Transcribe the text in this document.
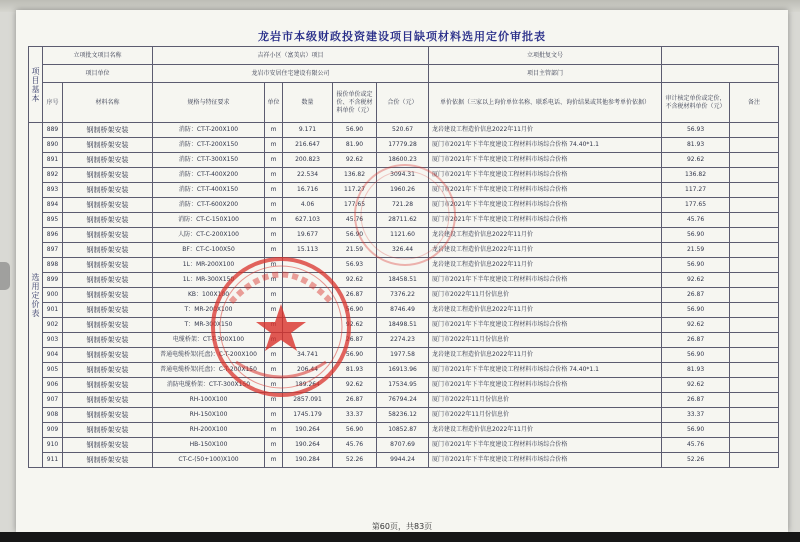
龙岩市本级财政投资建设项目缺项材料选用定价审批表
项目基本	立项批文项目名称		吉祥小区（富美店）项目					立项批复文号		
	项目单位		龙岩市安居住宅建设有限公司					项目主管部门		
	序号	材料名称	规格与特征要求	单位	数量	报价单价或定价、不含税材料单价（元）	合价（元）	单价依据（三家以上询价单位名称、联系电话、询价结果或其他参考单价依据）	审计核定单价或定价，不含税材料单价（元）	备注
选用定价表	889	钢制桥架安装	消防：CT-T-200X100	m	9.171	56.90	520.67	龙岩建设工程造价信息2022年11月价	56.93	
	890	钢制桥架安装	消防：CT-T-200X150	m	216.647	81.90	17779.28	厦门市2021年下半年度建设工程材料市场综合价格 74.40*1.1	81.93	
	891	钢制桥架安装	消防：CT-T-300X150	m	200.823	92.62	18600.23	厦门市2021年下半年度建设工程材料市场综合价格	92.62	
	892	钢制桥架安装	消防：CT-T-400X200	m	22.534	136.82	3094.31	厦门市2021年下半年度建设工程材料市场综合价格	136.82	
	893	钢制桥架安装	消防：CT-T-400X150	m	16.716	117.27	1960.26	厦门市2021年下半年度建设工程材料市场综合价格	117.27	
	894	钢制桥架安装	消防：CT-T-600X200	m	4.06	177.65	721.28	厦门市2021年下半年度建设工程材料市场综合价格	177.65	
	895	钢制桥架安装	消防：CT-C-150X100	m	627.103	45.76	28711.62	厦门市2021年下半年度建设工程材料市场综合价格	45.76	
	896	钢制桥架安装	人防：CT-C-200X100	m	19.677	56.90	1121.60	龙岩建设工程造价信息2022年11月价	56.90	
	897	钢制桥架安装	BF：CT-C-100X50	m	15.113	21.59	326.44	龙岩建设工程造价信息2022年11月价	21.59	
	898	钢制桥架安装	1L：MR-200X100	m		56.93		龙岩建设工程造价信息2022年11月价	56.90	
	899	钢制桥架安装	1L：MR-300X150	m		92.62	18458.51	厦门市2021年下半年度建设工程材料市场综合价格	92.62	
	900	钢制桥架安装	KB：100X100	m		26.87	7376.22	厦门市2022年11月份信息价	26.87	
	901	钢制桥架安装	T：MR-200X100	m		56.90	8746.49	龙岩建设工程造价信息2022年11月价	56.90	
	902	钢制桥架安装	T：MR-300X150			92.62	18498.51	厦门市2021年下半年度建设工程材料市场综合价格	92.62	
	903	钢制桥架安装	电缆桥架：CT-T-300X100			26.87	2274.23	厦门市2022年11月份信息价	26.87	
	904	钢制桥架安装	普通电缆桥架(托盘)：C-T-200X100	m	34.741	56.90	1977.58	龙岩建设工程造价信息2022年11月价	56.90	
	905	钢制桥架安装	普通电缆桥架(托盘)：C-T-200X150	m	206.44	81.93	16913.96	厦门市2021年下半年度建设工程材料市场综合价格 74.40*1.1	81.93	
	906	钢制桥架安装	消防电缆桥架：CT-T-300X150	m	189.264	92.62	17534.95	厦门市2021年下半年度建设工程材料市场综合价格	92.62	
	907	钢制桥架安装	RH-100X100	m	2857.091	26.87	76794.24	厦门市2022年11月份信息价	26.87	
	908	钢制桥架安装	RH-150X100	m	1745.179	33.37	58236.12	厦门市2022年11月份信息价	33.37	
	909	钢制桥架安装	RH-200X100	m	190.264	56.90	10852.87	龙岩建设工程造价信息2022年11月价	56.90	
	910	钢制桥架安装	HB-150X100	m	190.264	45.76	8707.69	厦门市2021年下半年度建设工程材料市场综合价格	45.76	
	911	钢制桥架安装	CT-C-(50+100)X100	m	190.284	52.26	9944.24	厦门市2021年下半年度建设工程材料市场综合价格	52.26	
第60页，共83页
